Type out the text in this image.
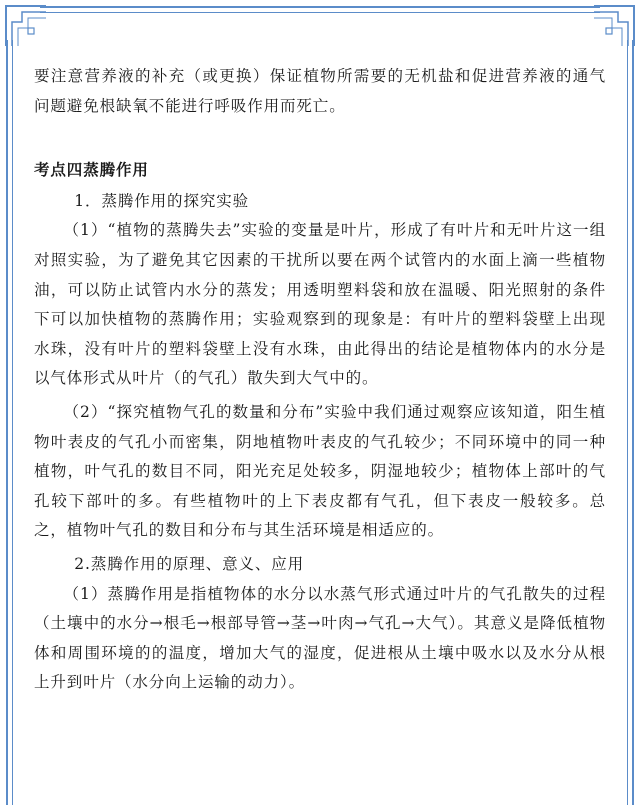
要注意营养液的补充（或更换）保证植物所需要的无机盐和促进营养液的通气问题避免根缺氧不能进行呼吸作用而死亡。

考点四蒸腾作用

1．蒸腾作用的探究实验

（1）“植物的蒸腾失去”实验的变量是叶片，形成了有叶片和无叶片这一组对照实验，为了避免其它因素的干扰所以要在两个试管内的水面上滴一些植物油，可以防止试管内水分的蒸发；用透明塑料袋和放在温暖、阳光照射的条件下可以加快植物的蒸腾作用；实验观察到的现象是：有叶片的塑料袋壁上出现水珠，没有叶片的塑料袋壁上没有水珠，由此得出的结论是植物体内的水分是以气体形式从叶片（的气孔）散失到大气中的。

（2）“探究植物气孔的数量和分布”实验中我们通过观察应该知道，阳生植物叶表皮的气孔小而密集，阴地植物叶表皮的气孔较少；不同环境中的同一种植物，叶气孔的数目不同，阳光充足处较多，阴湿地较少；植物体上部叶的气孔较下部叶的多。有些植物叶的上下表皮都有气孔，但下表皮一般较多。总之，植物叶气孔的数目和分布与其生活环境是相适应的。

2.蒸腾作用的原理、意义、应用

（1）蒸腾作用是指植物体的水分以水蒸气形式通过叶片的气孔散失的过程（土壤中的水分→根毛→根部导管→茎→叶肉→气孔→大气）。其意义是降低植物体和周围环境的的温度，增加大气的湿度，促进根从土壤中吸水以及水分从根上升到叶片（水分向上运输的动力）。
